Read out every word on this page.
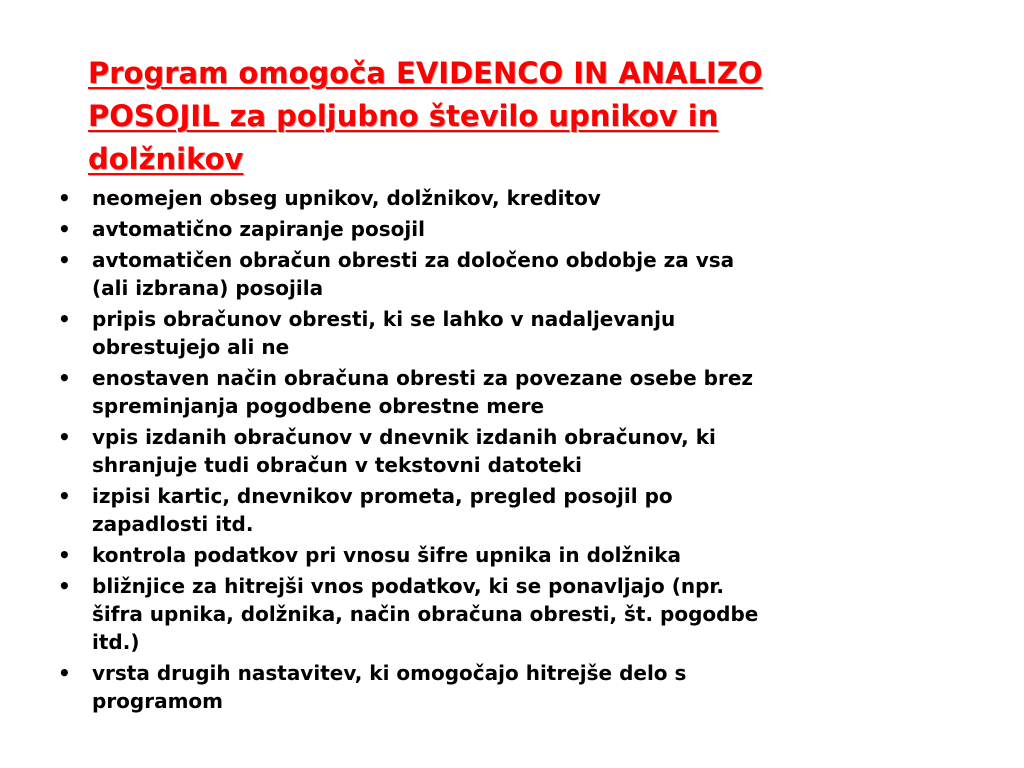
Program omogoča EVIDENCO IN ANALIZO
POSOJIL za poljubno število upnikov in
dolžnikov
•	neomejen obseg upnikov, dolžnikov, kreditov
•	avtomatično zapiranje posojil
•	avtomatičen obračun obresti za določeno obdobje za vsa
(ali izbrana) posojila
•	pripis obračunov obresti, ki se lahko v nadaljevanju
obrestujejo ali ne
•	enostaven način obračuna obresti za povezane osebe brez
spreminjanja pogodbene obrestne mere
•	vpis izdanih obračunov v dnevnik izdanih obračunov, ki
shranjuje tudi obračun v tekstovni datoteki
•	izpisi kartic, dnevnikov prometa, pregled posojil po
zapadlosti itd.
•	kontrola podatkov pri vnosu šifre upnika in dolžnika
•	bližnjice za hitrejši vnos podatkov, ki se ponavljajo (npr.
šifra upnika, dolžnika, način obračuna obresti, št. pogodbe
itd.)
•	vrsta drugih nastavitev, ki omogočajo hitrejše delo s
programom
